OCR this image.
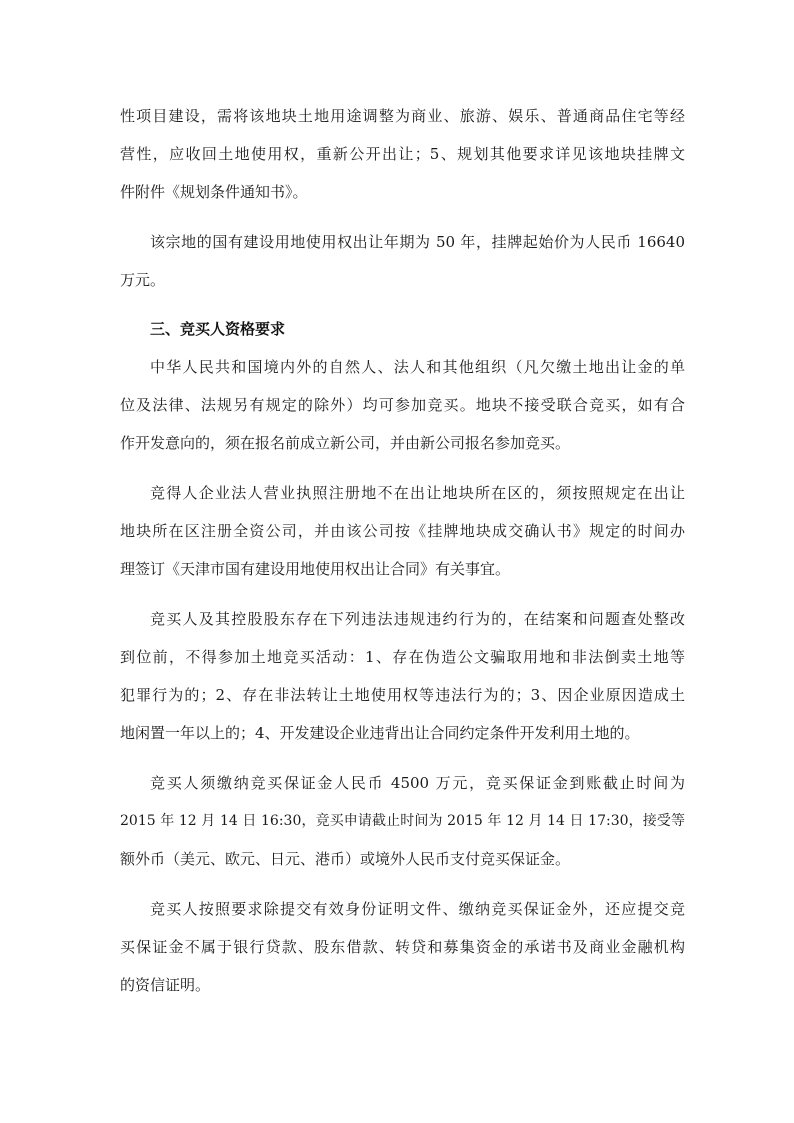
性项目建设，需将该地块土地用途调整为商业、旅游、娱乐、普通商品住宅等经

营性，应收回土地使用权，重新公开出让；5、规划其他要求详见该地块挂牌文

件附件《规划条件通知书》。

该宗地的国有建设用地使用权出让年期为 50 年，挂牌起始价为人民币 16640

万元。

三、竞买人资格要求

中华人民共和国境内外的自然人、法人和其他组织（凡欠缴土地出让金的单

位及法律、法规另有规定的除外）均可参加竞买。地块不接受联合竞买，如有合

作开发意向的，须在报名前成立新公司，并由新公司报名参加竞买。

竞得人企业法人营业执照注册地不在出让地块所在区的，须按照规定在出让

地块所在区注册全资公司，并由该公司按《挂牌地块成交确认书》规定的时间办

理签订《天津市国有建设用地使用权出让合同》有关事宜。

竞买人及其控股股东存在下列违法违规违约行为的，在结案和问题查处整改

到位前，不得参加土地竞买活动：1、存在伪造公文骗取用地和非法倒卖土地等

犯罪行为的；2、存在非法转让土地使用权等违法行为的；3、因企业原因造成土

地闲置一年以上的；4、开发建设企业违背出让合同约定条件开发利用土地的。

竞买人须缴纳竞买保证金人民币 4500 万元，竞买保证金到账截止时间为

2015 年 12 月 14 日 16:30，竞买申请截止时间为 2015 年 12 月 14 日 17:30，接受等

额外币（美元、欧元、日元、港币）或境外人民币支付竞买保证金。

竞买人按照要求除提交有效身份证明文件、缴纳竞买保证金外，还应提交竞

买保证金不属于银行贷款、股东借款、转贷和募集资金的承诺书及商业金融机构

的资信证明。
